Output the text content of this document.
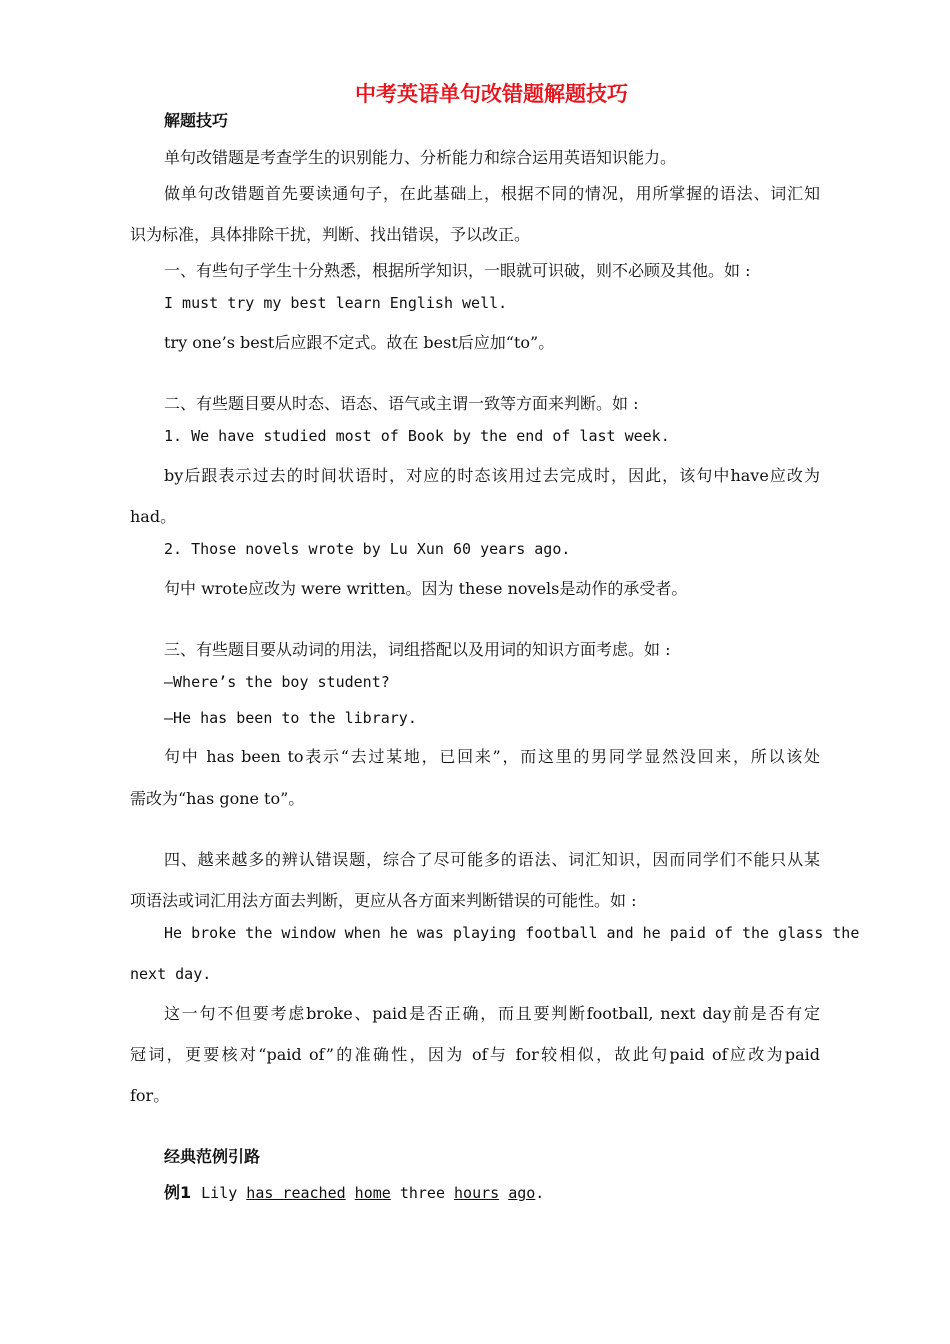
中考英语单句改错题解题技巧
解题技巧
单句改错题是考查学生的识别能力、分析能力和综合运用英语知识能力。
做单句改错题首先要读通句子，在此基础上，根据不同的情况，用所掌握的语法、词汇知
识为标准，具体排除干扰，判断、找出错误，予以改正。
一、有些句子学生十分熟悉，根据所学知识，一眼就可识破，则不必顾及其他。如 :
I must try my best learn English well.
try one’s best后应跟不定式。故在 best后应加“to”。
二、有些题目要从时态、语态、语气或主谓一致等方面来判断。如 :
1. We have studied most of Book by the end of last week.
by后跟表示过去的时间状语时，对应的时态该用过去完成时，因此，该句中have应改为
had。
2. Those novels wrote by Lu Xun 60 years ago.
句中 wrote应改为 were written。因为 these novels是动作的承受者。
三、有些题目要从动词的用法，词组搭配以及用词的知识方面考虑。如 :
—Where’s the boy student?
—He has been to the library.
句中 has been to表示“去过某地，已回来”，而这里的男同学显然没回来，所以该处
需改为“has gone to”。
四、越来越多的辨认错误题，综合了尽可能多的语法、词汇知识，因而同学们不能只从某
项语法或词汇用法方面去判断，更应从各方面来判断错误的可能性。如 :
He broke the window when he was playing football and he paid of the glass the
next day.
这一句不但要考虑broke、paid是否正确，而且要判断football, next day前是否有定
冠词，更要核对“paid of”的准确性，因为 of与 for较相似，故此句paid of应改为paid
for。
经典范例引路
例1 Lily has reached home three hours ago.
